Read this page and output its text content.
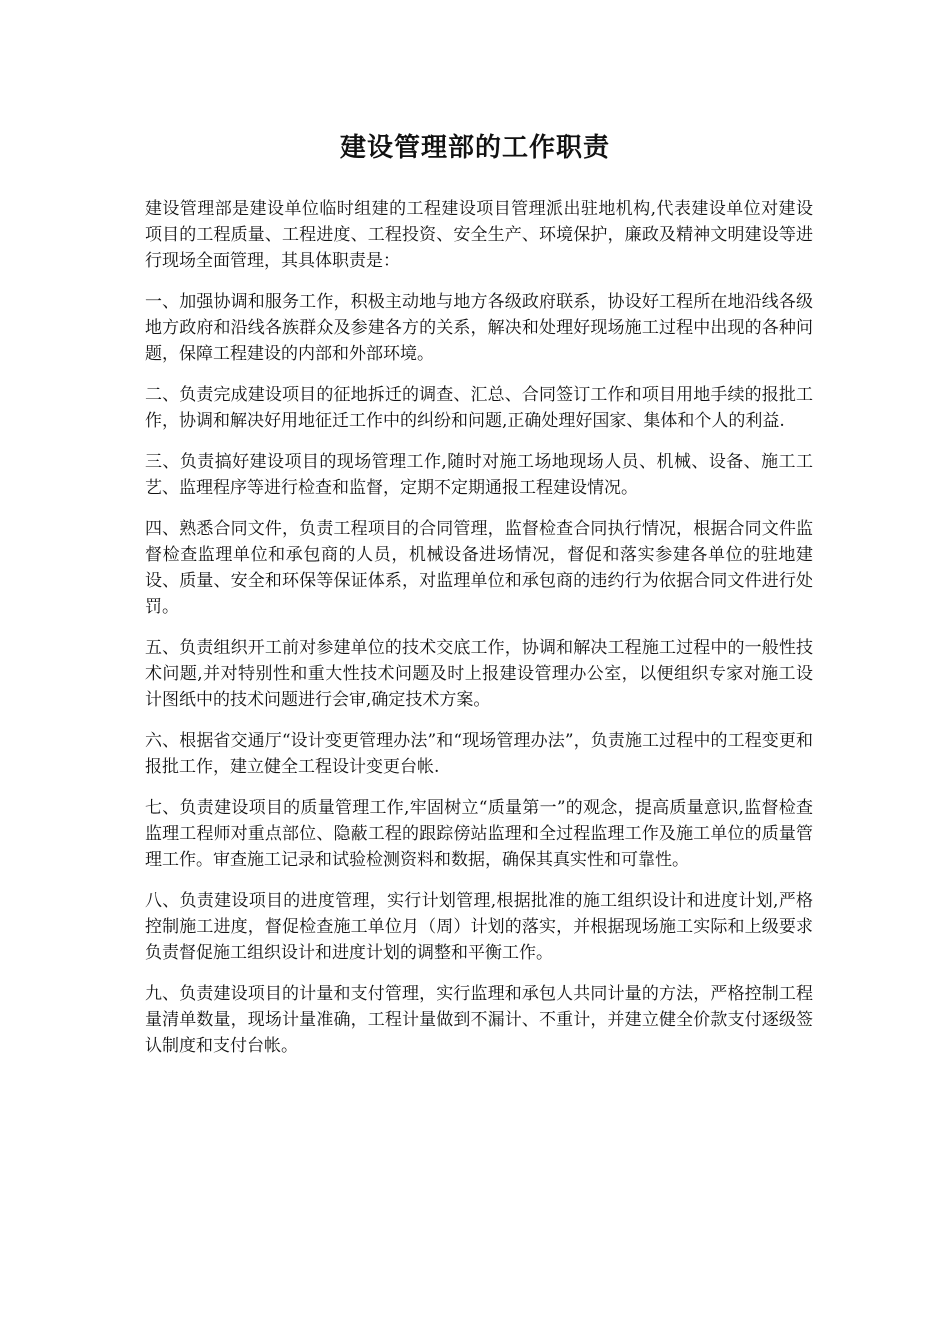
建设管理部的工作职责

建设管理部是建设单位临时组建的工程建设项目管理派出驻地机构,代表建设单位对建设项目的工程质量、工程进度、工程投资、安全生产、环境保护，廉政及精神文明建设等进行现场全面管理，其具体职责是：

一、加强协调和服务工作，积极主动地与地方各级政府联系，协设好工程所在地沿线各级地方政府和沿线各族群众及参建各方的关系，解决和处理好现场施工过程中出现的各种问题，保障工程建设的内部和外部环境。

二、负责完成建设项目的征地拆迁的调查、汇总、合同签订工作和项目用地手续的报批工作，协调和解决好用地征迁工作中的纠纷和问题,正确处理好国家、集体和个人的利益.

三、负责搞好建设项目的现场管理工作,随时对施工场地现场人员、机械、设备、施工工艺、监理程序等进行检查和监督，定期不定期通报工程建设情况。

四、熟悉合同文件，负责工程项目的合同管理，监督检查合同执行情况，根据合同文件监督检查监理单位和承包商的人员，机械设备进场情况，督促和落实参建各单位的驻地建设、质量、安全和环保等保证体系，对监理单位和承包商的违约行为依据合同文件进行处罚。

五、负责组织开工前对参建单位的技术交底工作，协调和解决工程施工过程中的一般性技术问题,并对特别性和重大性技术问题及时上报建设管理办公室，以便组织专家对施工设计图纸中的技术问题进行会审,确定技术方案。

六、根据省交通厅“设计变更管理办法”和“现场管理办法”，负责施工过程中的工程变更和报批工作，建立健全工程设计变更台帐.

七、负责建设项目的质量管理工作,牢固树立“质量第一”的观念，提高质量意识,监督检查监理工程师对重点部位、隐蔽工程的跟踪傍站监理和全过程监理工作及施工单位的质量管理工作。审查施工记录和试验检测资料和数据，确保其真实性和可靠性。

八、负责建设项目的进度管理，实行计划管理,根据批准的施工组织设计和进度计划,严格控制施工进度，督促检查施工单位月（周）计划的落实，并根据现场施工实际和上级要求负责督促施工组织设计和进度计划的调整和平衡工作。

九、负责建设项目的计量和支付管理，实行监理和承包人共同计量的方法，严格控制工程量清单数量，现场计量准确，工程计量做到不漏计、不重计，并建立健全价款支付逐级签认制度和支付台帐。
